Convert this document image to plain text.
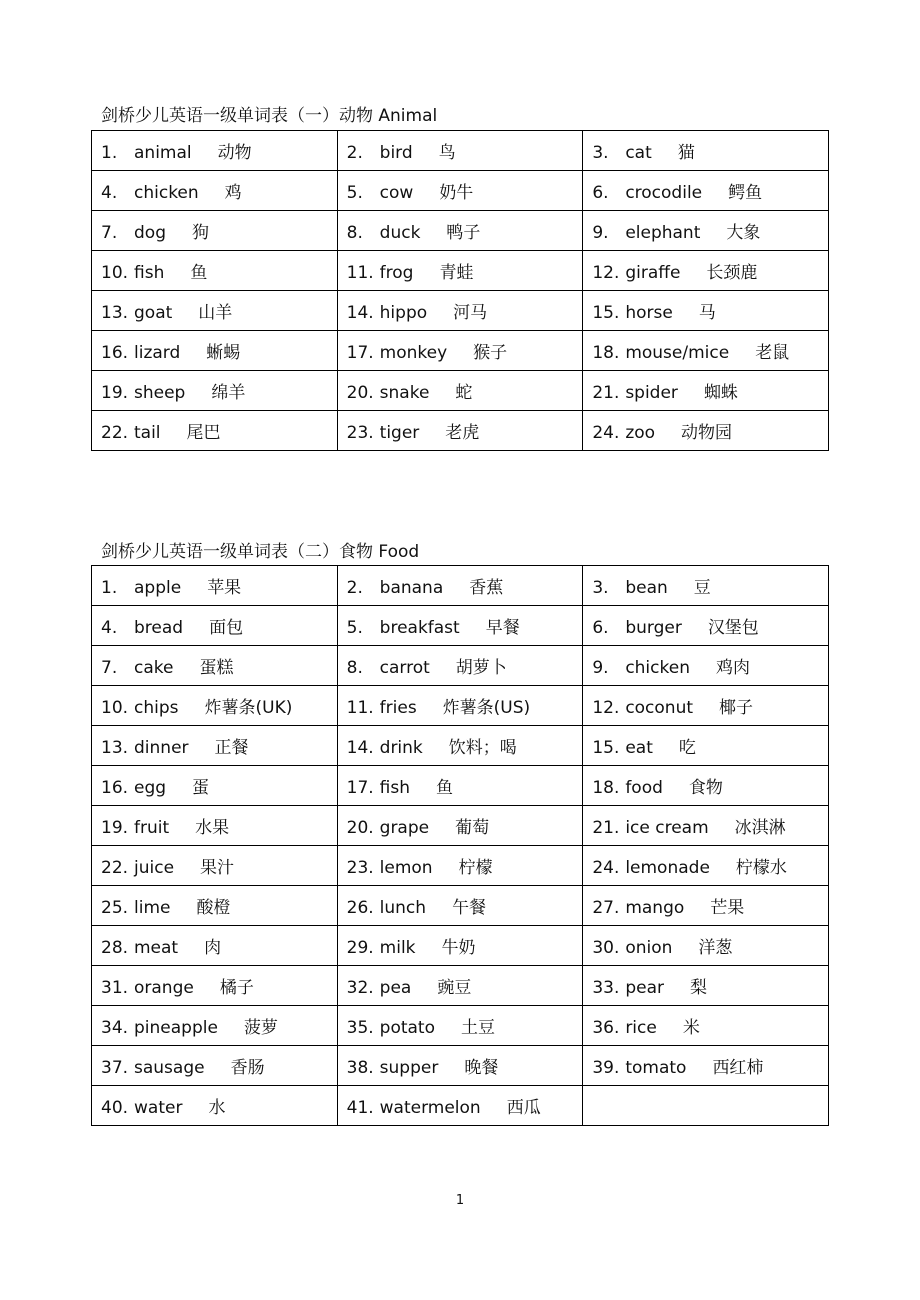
剑桥少儿英语一级单词表（一）动物 Animal
1. animal 动物	2. bird 鸟	3. cat 猫
4. chicken 鸡	5. cow 奶牛	6. crocodile 鳄鱼
7. dog 狗	8. duck 鸭子	9. elephant 大象
10. fish 鱼	11. frog 青蛙	12. giraffe 长颈鹿
13. goat 山羊	14. hippo 河马	15. horse 马
16. lizard 蜥蜴	17. monkey 猴子	18. mouse/mice 老鼠
19. sheep 绵羊	20. snake 蛇	21. spider 蜘蛛
22. tail 尾巴	23. tiger 老虎	24. zoo 动物园
剑桥少儿英语一级单词表（二）食物 Food
1. apple 苹果	2. banana 香蕉	3. bean 豆
4. bread 面包	5. breakfast 早餐	6. burger 汉堡包
7. cake 蛋糕	8. carrot 胡萝卜	9. chicken 鸡肉
10. chips 炸薯条(UK)	11. fries 炸薯条(US)	12. coconut 椰子
13. dinner 正餐	14. drink 饮料；喝	15. eat 吃
16. egg 蛋	17. fish 鱼	18. food 食物
19. fruit 水果	20. grape 葡萄	21. ice cream 冰淇淋
22. juice 果汁	23. lemon 柠檬	24. lemonade 柠檬水
25. lime 酸橙	26. lunch 午餐	27. mango 芒果
28. meat 肉	29. milk 牛奶	30. onion 洋葱
31. orange 橘子	32. pea 豌豆	33. pear 梨
34. pineapple 菠萝	35. potato 土豆	36. rice 米
37. sausage 香肠	38. supper 晚餐	39. tomato 西红柿
40. water 水	41. watermelon 西瓜	
1
